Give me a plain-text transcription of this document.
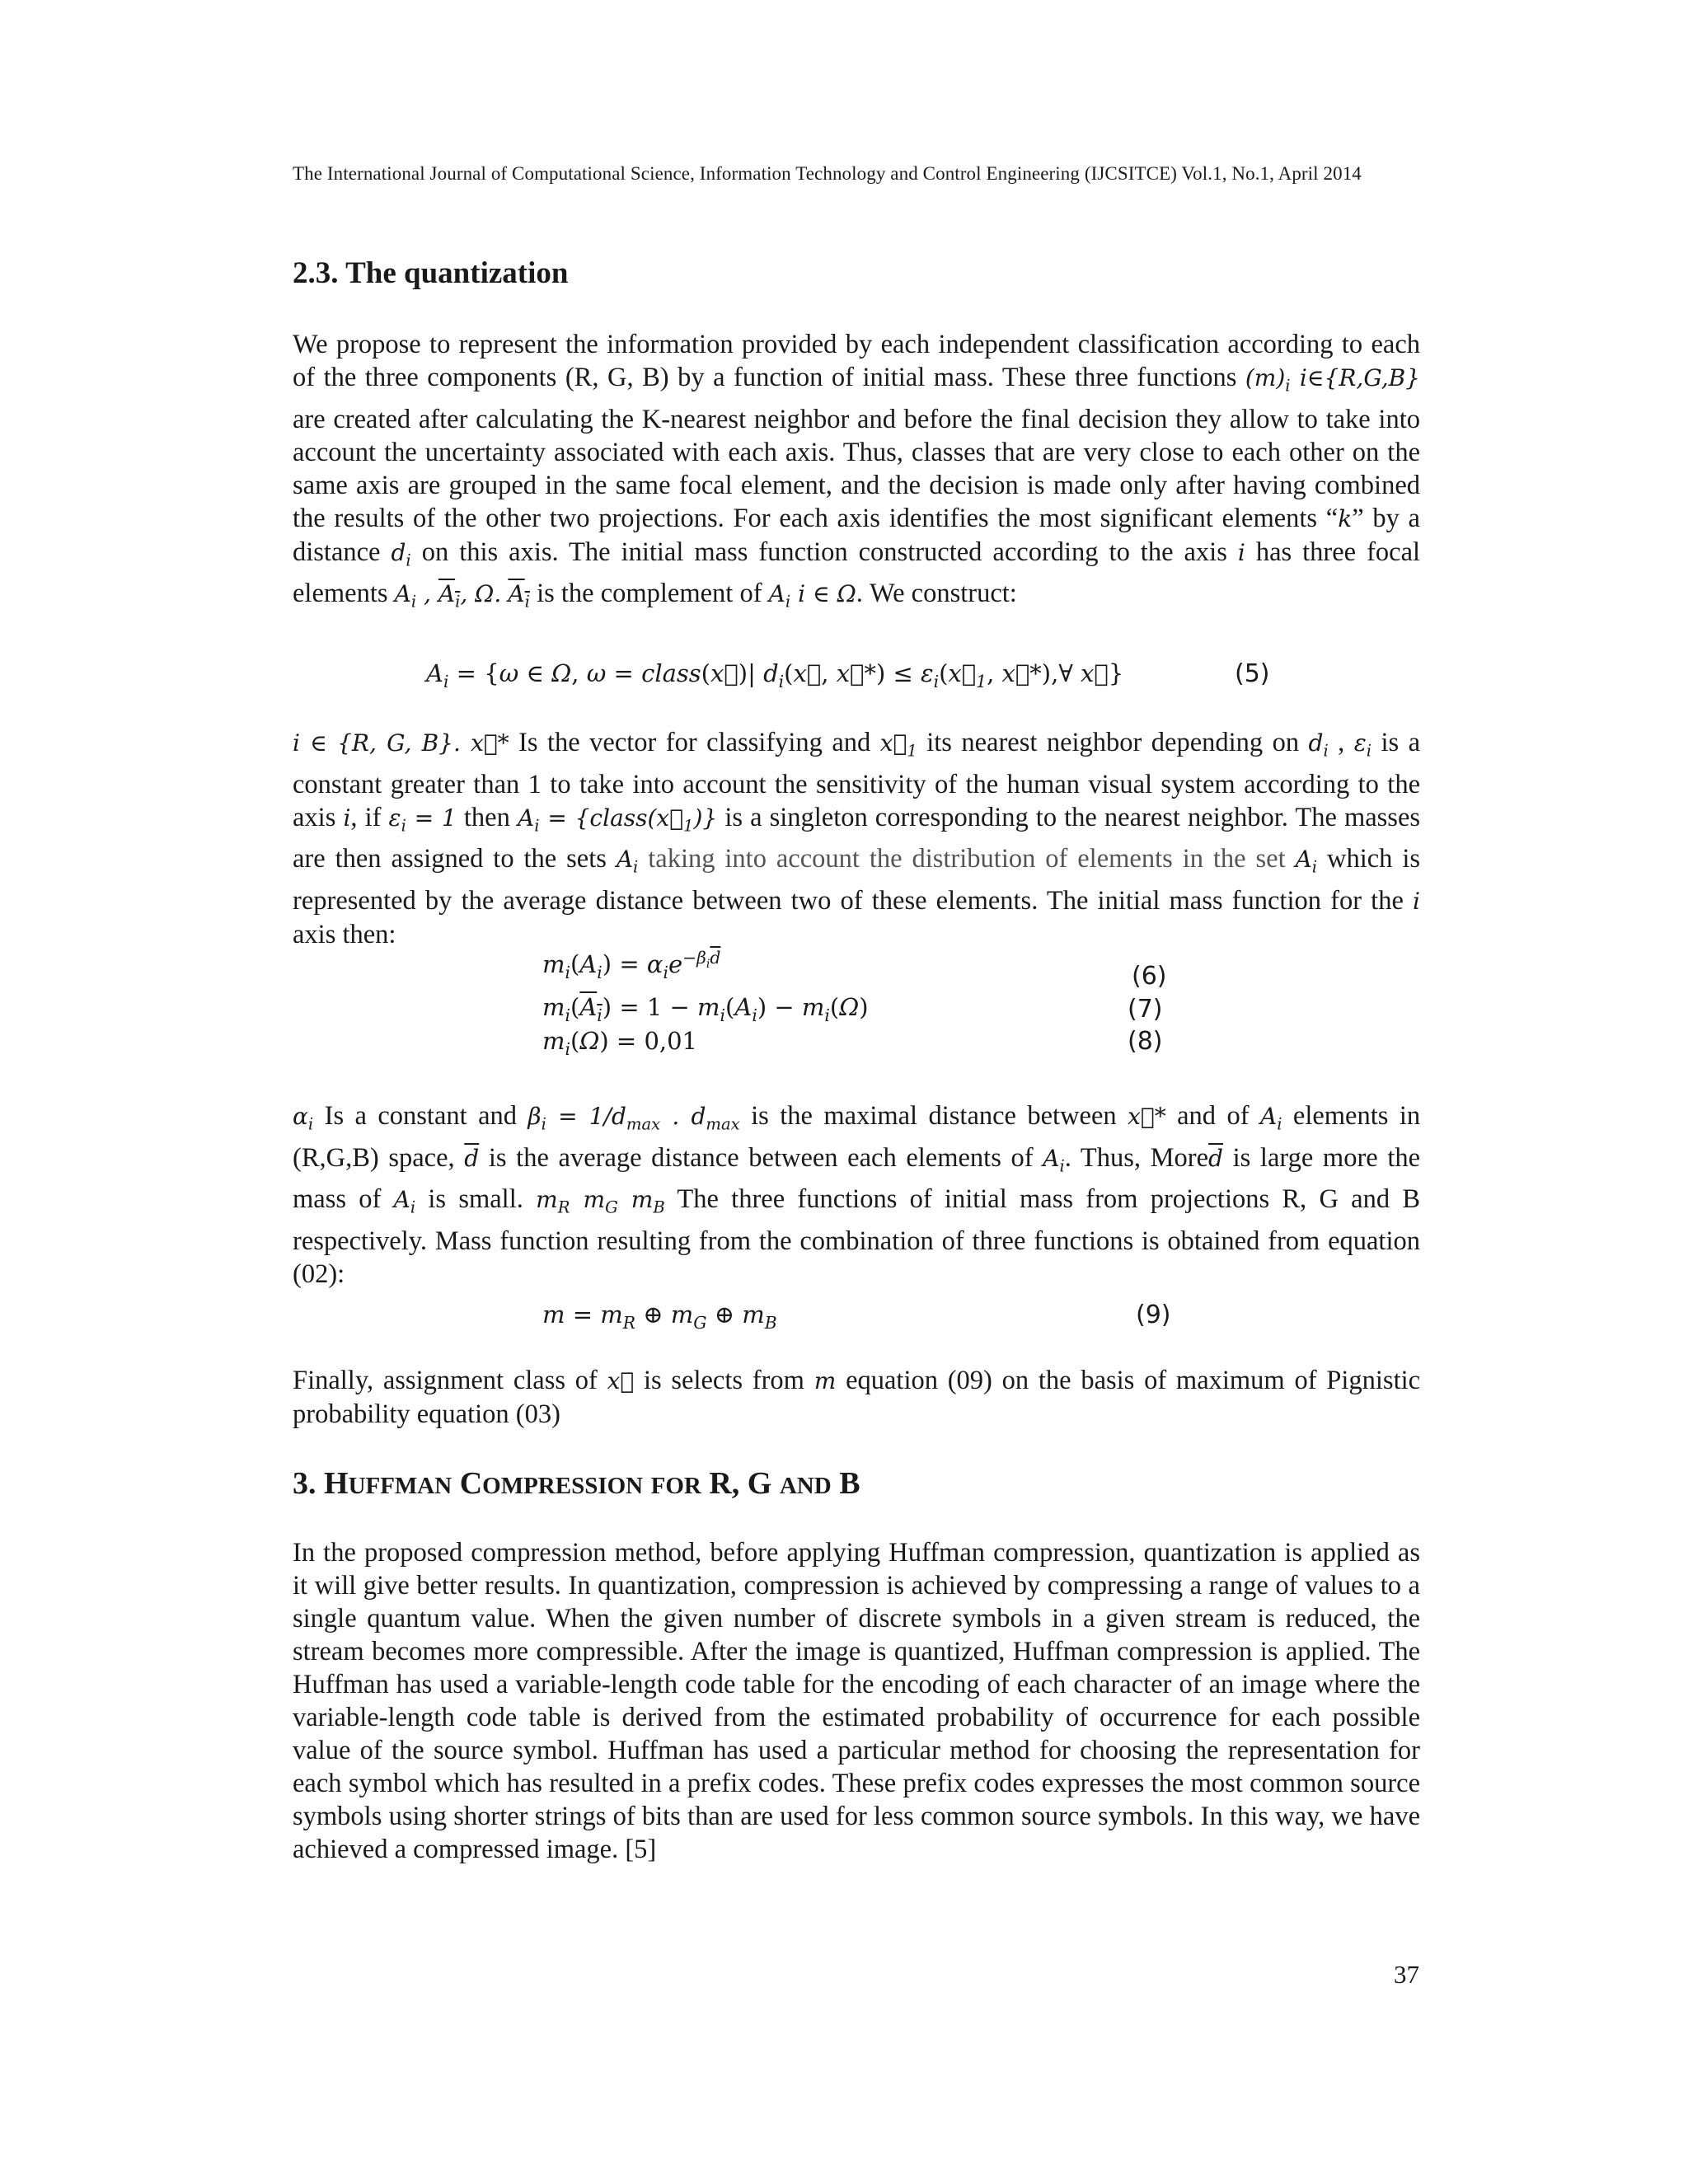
The International Journal of Computational Science, Information Technology and Control Engineering (IJCSITCE) Vol.1, No.1, April 2014
2.3. The quantization
We propose to represent the information provided by each independent classification according to each of the three components (R, G, B) by a function of initial mass. These three functions $(m)_i$ i∈{R,G,B} are created after calculating the K-nearest neighbor and before the final decision they allow to take into account the uncertainty associated with each axis. Thus, classes that are very close to each other on the same axis are grouped in the same focal element, and the decision is made only after having combined the results of the other two projections. For each axis identifies the most significant elements “k” by a distance $d_i$ on this axis. The initial mass function constructed according to the axis i has three focal elements $A_i$ , $A_i$, Ω. $A_i$ is the complement of $A_i$ i ∈ Ω. We construct:
$A_i = \{\omega$ ∈ Ω, ω = class(x⃗)| $d_i(x⃗$, x⃗*) ≤ $\varepsilon_i(x⃗_1$, x⃗*),∀ x⃗}	(5)
i ∈ {R, G, B}. x⃗* Is the vector for classifying and $x⃗_1$ its nearest neighbor depending on $d_i$ , $\varepsilon_i$ is a constant greater than 1 to take into account the sensitivity of the human visual system according to the axis i, if $\varepsilon_i = 1$ then $A_i$ = $\{class(x⃗_1)\}$ is a singleton corresponding to the nearest neighbor. The masses are then assigned to the sets $A_i$ taking into account the distribution of elements in the set $A_i$ which is represented by the average distance between two of these elements. The initial mass function for the i axis then:
$m_i(A_i) = \alpha_ie^{-\beta_i\overline{d}}$
(6)
$m_i(A_i) = 1 - m_i(A_i) - m_i(\Omega)$	(7)
$m_i(\Omega) = 0,01$	(8)
$\alpha_i$ Is a constant and $\beta_i = 1/d_{max}$ . $d_{max}$ is the maximal distance between x⃗* and of $A_i$ elements in (R,G,B) space, $\overline{d}$ is the average distance between each elements of $A_i$. Thus, $More\overline{d}$ is large more the mass of $A_i$ is small. $m_R$ $m_G$ $m_B$ The three functions of initial mass from projections R, G and B respectively. Mass function resulting from the combination of three functions is obtained from equation (02):
$m = m_R$ ⊕ $m_G$ ⊕ $m_B$	(9)
Finally, assignment class of x⃗ is selects from m equation (09) on the basis of maximum of Pignistic probability equation (03)
3. HUFFMAN COMPRESSION FOR R, G AND B
In the proposed compression method, before applying Huffman compression, quantization is applied as it will give better results. In quantization, compression is achieved by compressing a range of values to a single quantum value. When the given number of discrete symbols in a given stream is reduced, the stream becomes more compressible. After the image is quantized, Huffman compression is applied. The Huffman has used a variable-length code table for the encoding of each character of an image where the variable-length code table is derived from the estimated probability of occurrence for each possible value of the source symbol. Huffman has used a particular method for choosing the representation for each symbol which has resulted in a prefix codes. These prefix codes expresses the most common source symbols using shorter strings of bits than are used for less common source symbols. In this way, we have achieved a compressed image. [5]
37
